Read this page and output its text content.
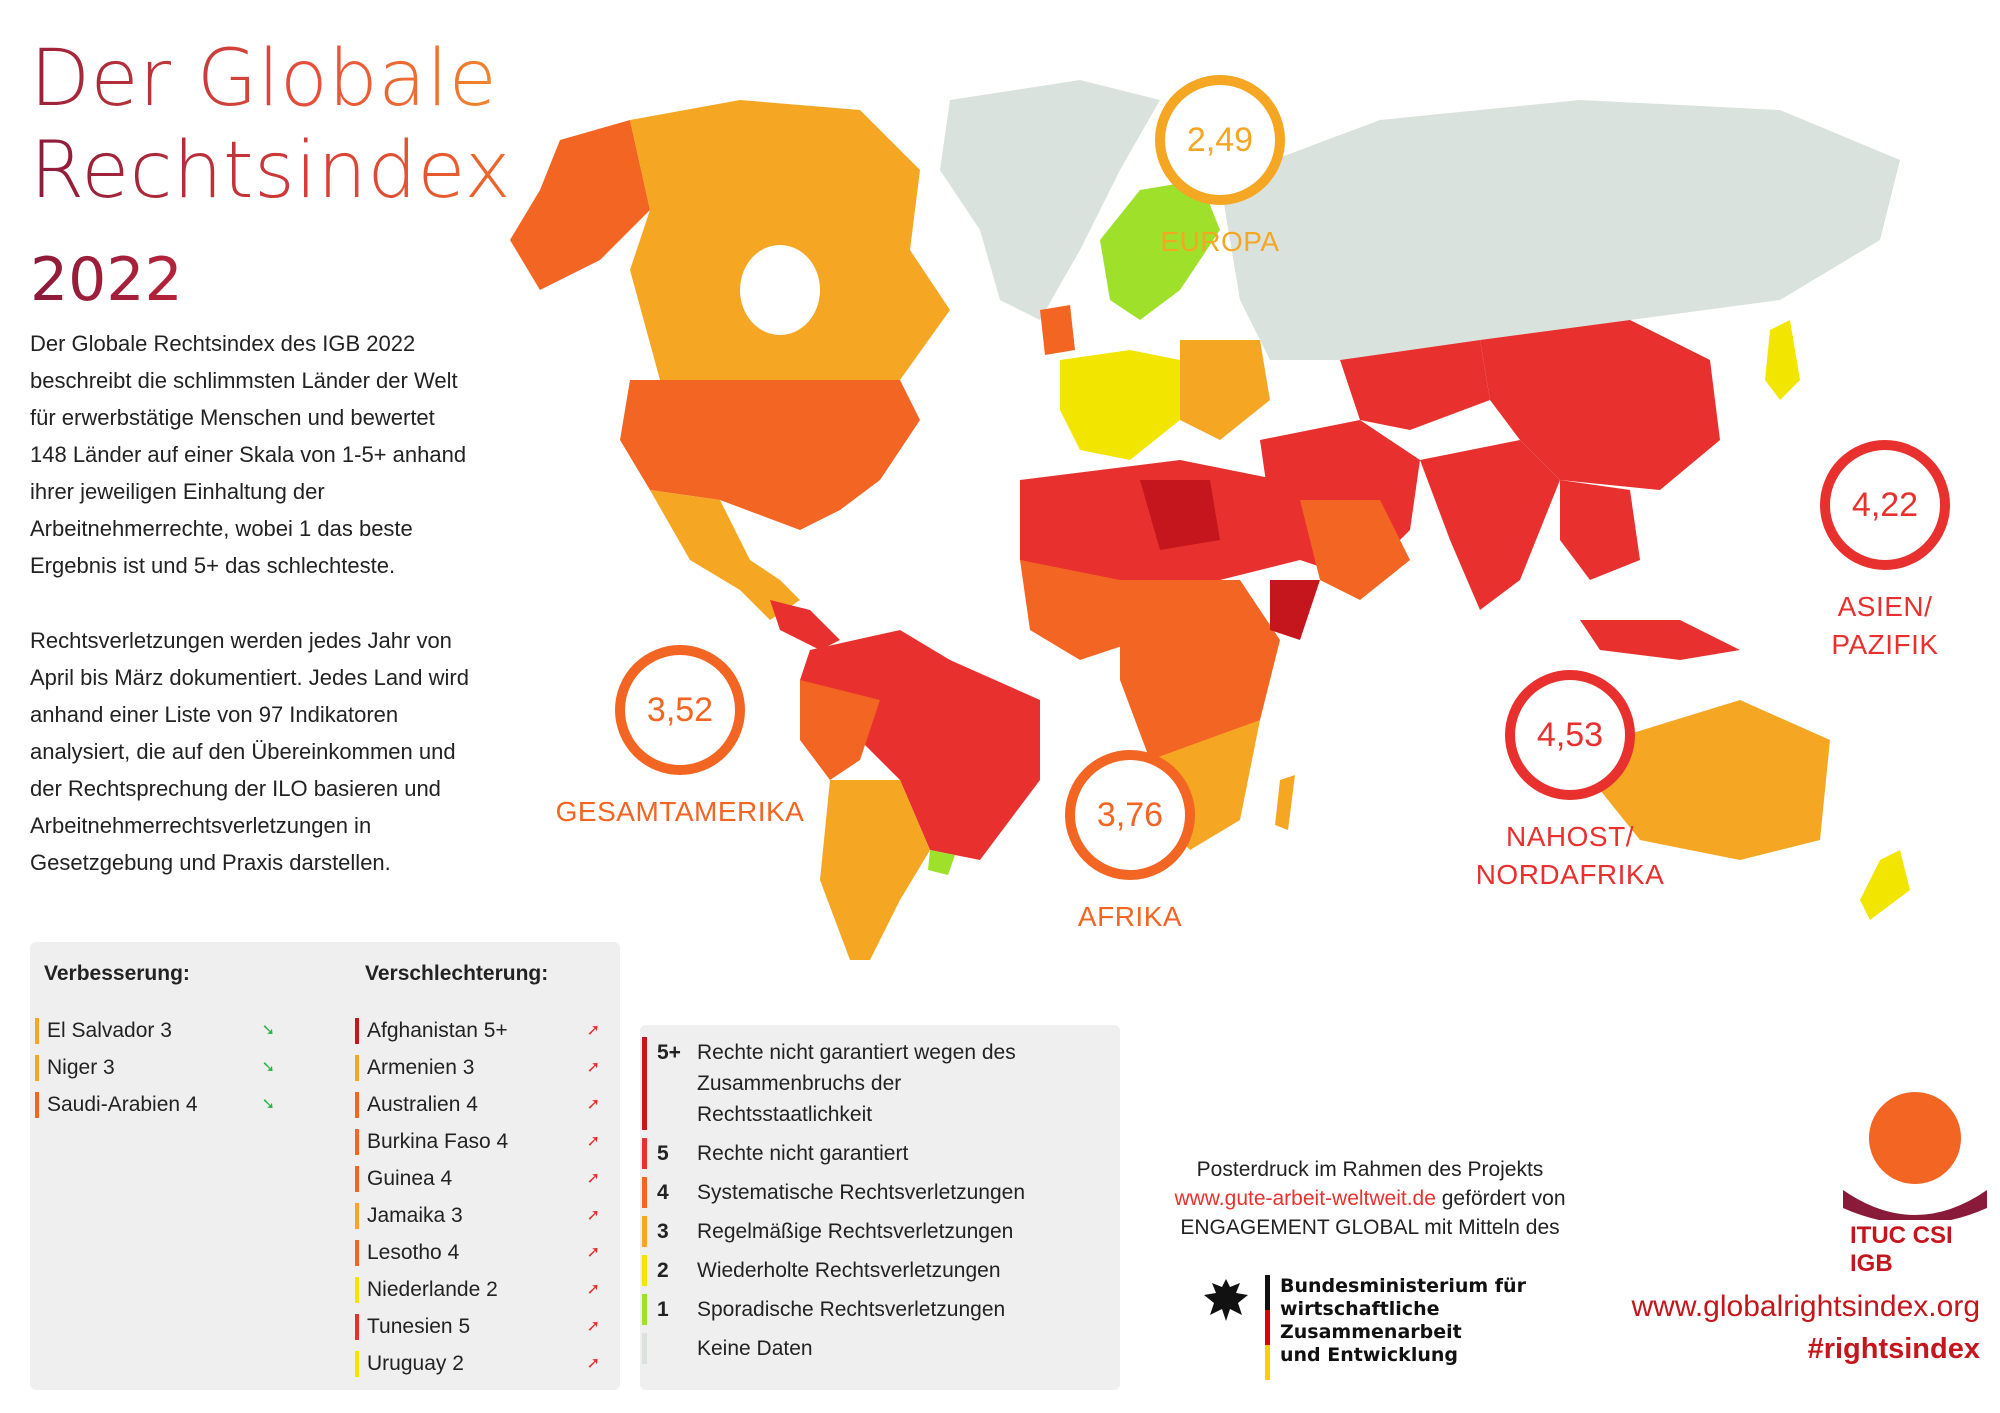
Der Globale
Rechtsindex
2022
Der Globale Rechtsindex des IGB 2022 beschreibt die schlimmsten Länder der Welt für erwerbstätige Menschen und bewertet 148 Länder auf einer Skala von 1-5+ anhand ihrer jeweiligen Einhaltung der Arbeitnehmerrechte, wobei 1 das beste Ergebnis ist und 5+ das schlechteste.
Rechtsverletzungen werden jedes Jahr von April bis März dokumentiert. Jedes Land wird anhand einer Liste von 97 Indikatoren analysiert, die auf den Übereinkommen und der Rechtsprechung der ILO basieren und Arbeitnehmerrechtsverletzungen in Gesetzgebung und Praxis darstellen.
2,49
EUROPA
4,22
ASIEN/
PAZIFIK
3,52
GESAMTAMERIKA
4,53
NAHOST/
NORDAFRIKA
3,76
AFRIKA
Verbesserung:	Verschlechterung:
El Salvador 3	➘
Niger 3	➘
Saudi-Arabien 4	➘
Afghanistan 5+	➚
Armenien 3	➚
Australien 4	➚
Burkina Faso 4	➚
Guinea 4	➚
Jamaika 3	➚
Lesotho 4	➚
Niederlande 2	➚
Tunesien 5	➚
Uruguay 2	➚
5+ Rechte nicht garantiert wegen des Zusammenbruchs der Rechtsstaatlichkeit
5	Rechte nicht garantiert
4	Systematische Rechtsverletzungen
3	Regelmäßige Rechtsverletzungen
2	Wiederholte Rechtsverletzungen
1	Sporadische Rechtsverletzungen
Keine Daten
Posterdruck im Rahmen des Projekts
www.gute-arbeit-weltweit.de gefördert von
ENGAGEMENT GLOBAL mit Mitteln des
Bundesministerium für
wirtschaftliche Zusammenarbeit
und Entwicklung
ITUC CSI IGB
www.globalrightsindex.org
#rightsindex
